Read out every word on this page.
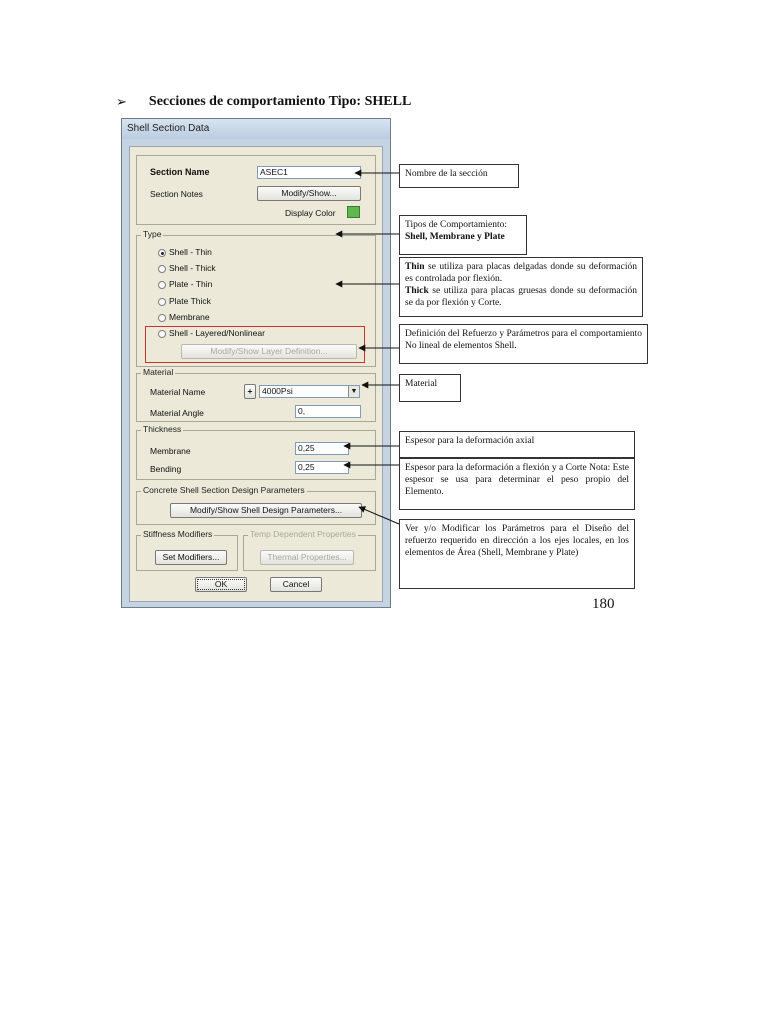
➢ Secciones de comportamiento Tipo: SHELL
Shell Section Data
Section Name	ASEC1
Section Notes	Modify/Show...
Display Color
Type
Shell - Thin
Shell - Thick
Plate - Thin
Plate Thick
Membrane
Shell - Layered/Nonlinear
Modify/Show Layer Definition...
Material
Material Name	+	4000Psi	▼
Material Angle	0,
Thickness
Membrane	0,25
Bending	0,25
Concrete Shell Section Design Parameters
Modify/Show Shell Design Parameters...
Stiffness Modifiers
Set Modifiers...
Temp Dependent Properties
Thermal Properties...
OK	Cancel
Nombre de la sección
Tipos de Comportamiento:
Shell, Membrane y Plate
Thin se utiliza para placas delgadas donde su deformación es controlada por flexión.
Thick se utiliza para placas gruesas donde su deformación se da por flexión y Corte.
Definición del Refuerzo y Parámetros para el comportamiento No lineal de elementos Shell.
Material
Espesor para la deformación axial
Espesor para la deformación a flexión y a Corte Nota: Este espesor se usa para determinar el peso propio del Elemento.
Ver y/o Modificar los Parámetros para el Diseño del refuerzo requerido en dirección a los ejes locales, en los elementos de Área (Shell, Membrane y Plate)
180
